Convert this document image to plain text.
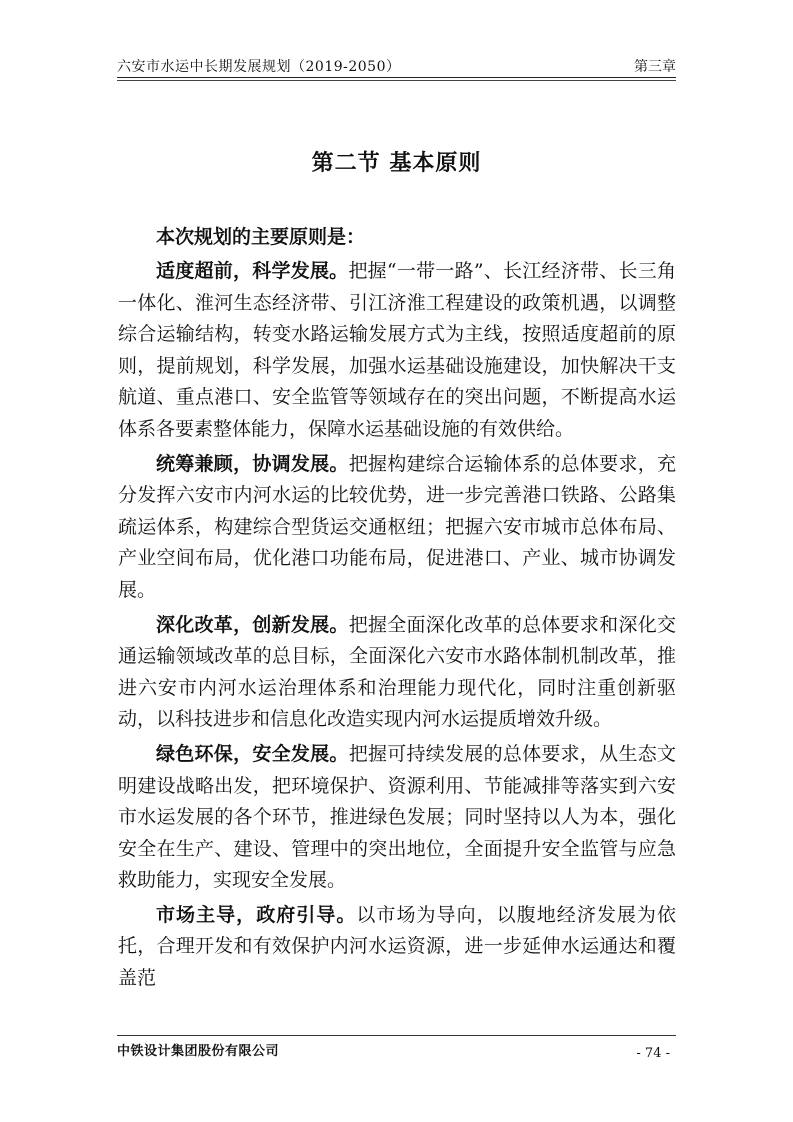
六安市水运中长期发展规划（2019-2050）	第三章
第二节 基本原则

本次规划的主要原则是：

适度超前，科学发展。把握“一带一路”、长江经济带、长三角一体化、淮河生态经济带、引江济淮工程建设的政策机遇，以调整综合运输结构，转变水路运输发展方式为主线，按照适度超前的原则，提前规划，科学发展，加强水运基础设施建设，加快解决干支航道、重点港口、安全监管等领域存在的突出问题，不断提高水运体系各要素整体能力，保障水运基础设施的有效供给。

统筹兼顾，协调发展。把握构建综合运输体系的总体要求，充分发挥六安市内河水运的比较优势，进一步完善港口铁路、公路集疏运体系，构建综合型货运交通枢纽；把握六安市城市总体布局、产业空间布局，优化港口功能布局，促进港口、产业、城市协调发展。

深化改革，创新发展。把握全面深化改革的总体要求和深化交通运输领域改革的总目标，全面深化六安市水路体制机制改革，推进六安市内河水运治理体系和治理能力现代化，同时注重创新驱动，以科技进步和信息化改造实现内河水运提质增效升级。

绿色环保，安全发展。把握可持续发展的总体要求，从生态文明建设战略出发，把环境保护、资源利用、节能减排等落实到六安市水运发展的各个环节，推进绿色发展；同时坚持以人为本，强化安全在生产、建设、管理中的突出地位，全面提升安全监管与应急救助能力，实现安全发展。

市场主导，政府引导。以市场为导向，以腹地经济发展为依托，合理开发和有效保护内河水运资源，进一步延伸水运通达和覆盖范

中铁设计集团股份有限公司	- 74 -
